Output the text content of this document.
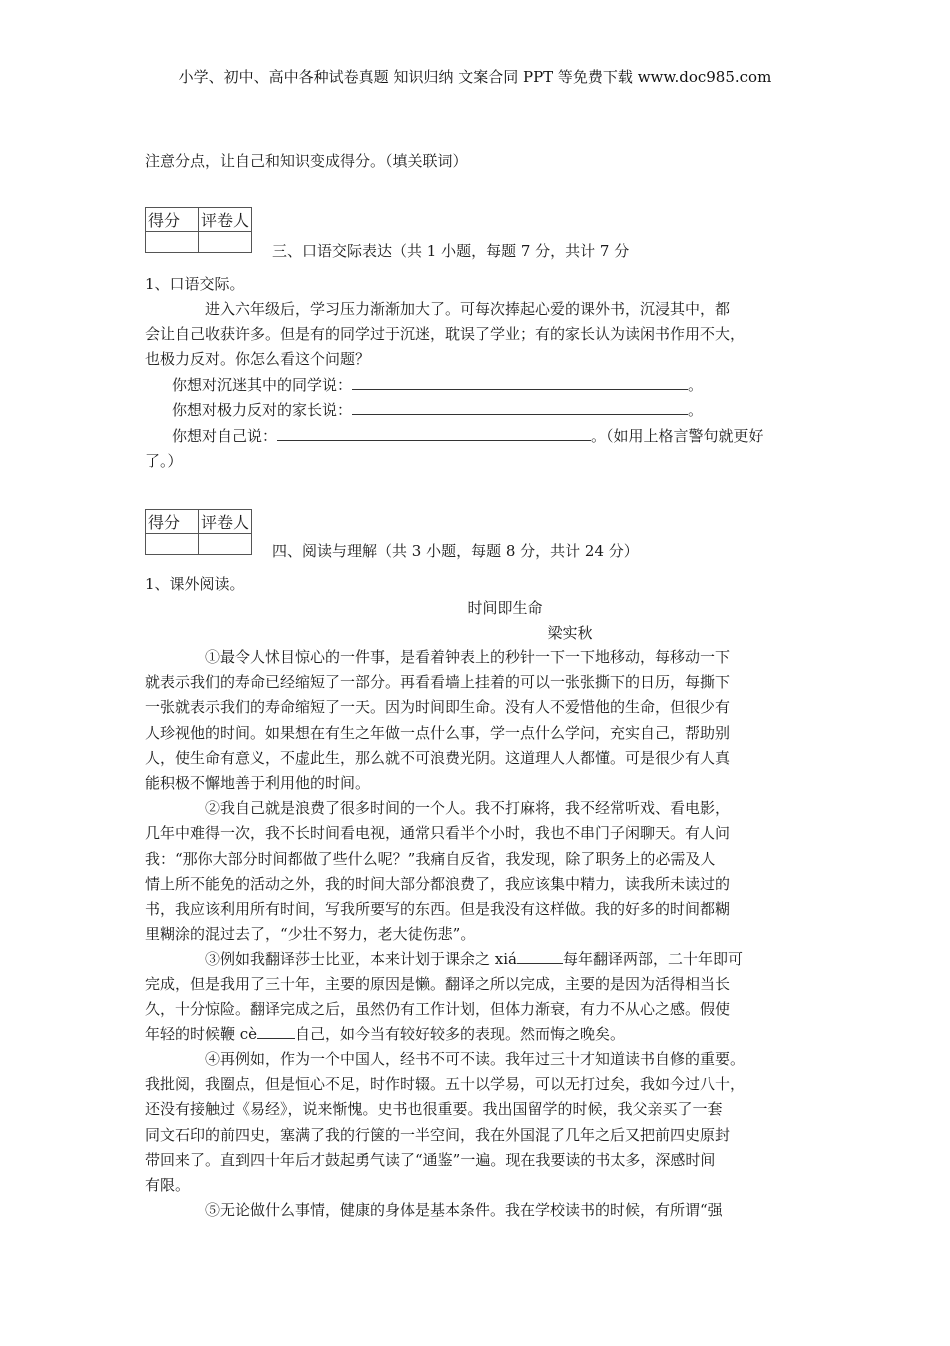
小学、初中、高中各种试卷真题 知识归纳 文案合同 PPT 等免费下载 www.doc985.com
注意分点，让自己和知识变成得分。（填关联词）
得分	评卷人

三、口语交际表达（共 1 小题，每题 7 分，共计 7 分
1、口语交际。
进入六年级后，学习压力渐渐加大了。可每次捧起心爱的课外书，沉浸其中，都
会让自己收获许多。但是有的同学过于沉迷，耽误了学业；有的家长认为读闲书作用不大，
也极力反对。你怎么看这个问题？
你想对沉迷其中的同学说：	。
你想对极力反对的家长说：	。
你想对自己说：	。（如用上格言警句就更好
了。）
得分	评卷人

四、阅读与理解（共 3 小题，每题 8 分，共计 24 分）
1、课外阅读。
时间即生命
梁实秋
①最令人怵目惊心的一件事，是看着钟表上的秒针一下一下地移动，每移动一下
就表示我们的寿命已经缩短了一部分。再看看墙上挂着的可以一张张撕下的日历，每撕下
一张就表示我们的寿命缩短了一天。因为时间即生命。没有人不爱惜他的生命，但很少有
人珍视他的时间。如果想在有生之年做一点什么事，学一点什么学问，充实自己，帮助别
人，使生命有意义，不虚此生，那么就不可浪费光阴。这道理人人都懂。可是很少有人真
能积极不懈地善于利用他的时间。
②我自己就是浪费了很多时间的一个人。我不打麻将，我不经常听戏、看电影，
几年中难得一次，我不长时间看电视，通常只看半个小时，我也不串门子闲聊天。有人问
我：“那你大部分时间都做了些什么呢？”我痛自反省，我发现，除了职务上的必需及人
情上所不能免的活动之外，我的时间大部分都浪费了，我应该集中精力，读我所未读过的
书，我应该利用所有时间，写我所要写的东西。但是我没有这样做。我的好多的时间都糊
里糊涂的混过去了，“少壮不努力，老大徒伤悲”。
③例如我翻译莎士比亚，本来计划于课余之 xiá	每年翻译两部，二十年即可
完成，但是我用了三十年，主要的原因是懒。翻译之所以完成，主要的是因为活得相当长
久，十分惊险。翻译完成之后，虽然仍有工作计划，但体力渐衰，有力不从心之感。假使
年轻的时候鞭 cè	自己，如今当有较好较多的表现。然而悔之晚矣。
④再例如，作为一个中国人，经书不可不读。我年过三十才知道读书自修的重要。
我批阅，我圈点，但是恒心不足，时作时辍。五十以学易，可以无打过矣，我如今过八十，
还没有接触过《易经》，说来惭愧。史书也很重要。我出国留学的时候，我父亲买了一套
同文石印的前四史，塞满了我的行箧的一半空间，我在外国混了几年之后又把前四史原封
带回来了。直到四十年后才鼓起勇气读了“通鉴”一遍。现在我要读的书太多，深感时间
有限。
⑤无论做什么事情，健康的身体是基本条件。我在学校读书的时候，有所谓“强
